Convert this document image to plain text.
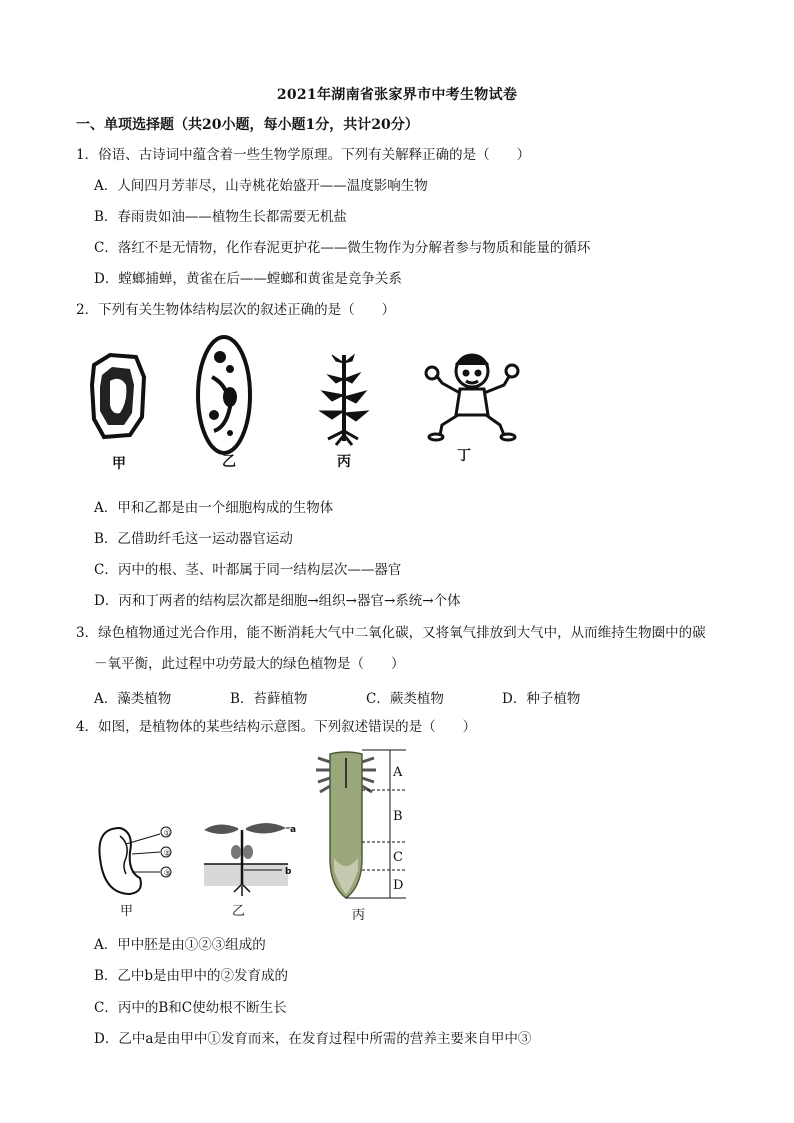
2021年湖南省张家界市中考生物试卷
一、单项选择题（共20小题，每小题1分，共计20分）
1．俗语、古诗词中蕴含着一些生物学原理。下列有关解释正确的是（　　）
A．人间四月芳菲尽，山寺桃花始盛开——温度影响生物
B．春雨贵如油——植物生长都需要无机盐
C．落红不是无情物，化作春泥更护花——微生物作为分解者参与物质和能量的循环
D．螳螂捕蝉，黄雀在后——螳螂和黄雀是竞争关系
2．下列有关生物体结构层次的叙述正确的是（　　）
甲	乙	丙	丁
A．甲和乙都是由一个细胞构成的生物体
B．乙借助纤毛这一运动器官运动
C．丙中的根、茎、叶都属于同一结构层次——器官
D．丙和丁两者的结构层次都是细胞→组织→器官→系统→个体
3．绿色植物通过光合作用，能不断消耗大气中二氧化碳，又将氧气排放到大气中，从而维持生物圈中的碳
－氧平衡，此过程中功劳最大的绿色植物是（　　）
A．藻类植物	B．苔藓植物	C．蕨类植物	D．种子植物
4．如图，是植物体的某些结构示意图。下列叙述错误的是（　　）
①
②
③
a
b
A
B
C
D
甲	乙	丙
A．甲中胚是由①②③组成的
B．乙中b是由甲中的②发育成的
C．丙中的B和C使幼根不断生长
D．乙中a是由甲中①发育而来，在发育过程中所需的营养主要来自甲中③
